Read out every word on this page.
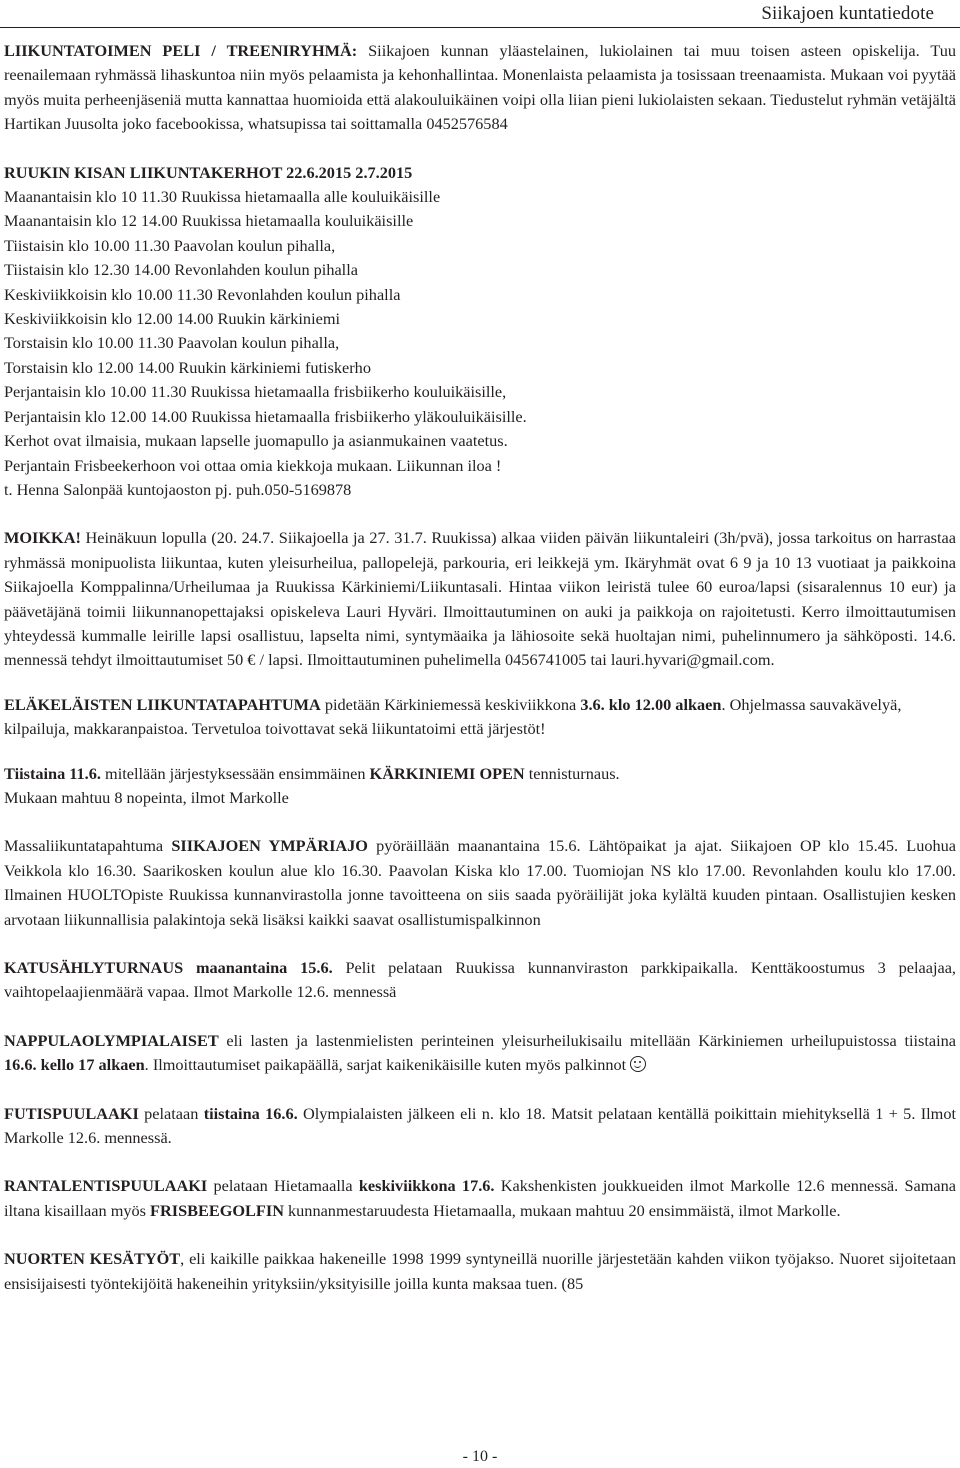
Siikajoen kuntatiedote

LIIKUNTATOIMEN PELI / TREENIRYHMÄ: Siikajoen kunnan yläastelainen, lukiolainen tai muu toisen asteen opiskelija. Tuu reenailemaan ryhmässä lihaskuntoa niin myös pelaamista ja kehonhallintaa. Monenlaista pelaamista ja tosissaan treenaamista. Mukaan voi pyytää myös muita perheenjäseniä mutta kannattaa huomioida että alakouluikäinen voipi olla liian pieni lukiolaisten sekaan. Tiedustelut ryhmän vetäjältä Hartikan Juusolta joko facebookissa, whatsupissa tai soittamalla 0452576584

RUUKIN KISAN LIIKUNTAKERHOT 22.6.2015 2.7.2015
Maanantaisin klo 10 11.30 Ruukissa hietamaalla alle kouluikäisille
Maanantaisin klo 12 14.00 Ruukissa hietamaalla kouluikäisille
Tiistaisin klo 10.00 11.30 Paavolan koulun pihalla,
Tiistaisin klo 12.30 14.00 Revonlahden koulun pihalla
Keskiviikkoisin klo 10.00 11.30 Revonlahden koulun pihalla
Keskiviikkoisin klo 12.00 14.00 Ruukin kärkiniemi
Torstaisin klo 10.00 11.30 Paavolan koulun pihalla,
Torstaisin klo 12.00 14.00 Ruukin kärkiniemi futiskerho
Perjantaisin klo 10.00 11.30 Ruukissa hietamaalla frisbiikerho kouluikäisille,
Perjantaisin klo 12.00 14.00 Ruukissa hietamaalla frisbiikerho yläkouluikäisille.
Kerhot ovat ilmaisia, mukaan lapselle juomapullo ja asianmukainen vaatetus.
Perjantain Frisbeekerhoon voi ottaa omia kiekkoja mukaan. Liikunnan iloa !
t. Henna Salonpää kuntojaoston pj. puh.050-5169878

MOIKKA! Heinäkuun lopulla (20. 24.7. Siikajoella ja 27. 31.7. Ruukissa) alkaa viiden päivän liikuntaleiri (3h/pvä), jossa tarkoitus on harrastaa ryhmässä monipuolista liikuntaa, kuten yleisurheilua, pallopelejä, parkouria, eri leikkejä ym. Ikäryhmät ovat 6 9 ja 10 13 vuotiaat ja paikkoina Siikajoella Komppalinna/Urheilumaa ja Ruukissa Kärkiniemi/Liikuntasali. Hintaa viikon leiristä tulee 60 euroa/lapsi (sisaralennus 10 eur) ja päävetäjänä toimii liikunnanopettajaksi opiskeleva Lauri Hyväri. Ilmoittautuminen on auki ja paikkoja on rajoitetusti. Kerro ilmoittautumisen yhteydessä kummalle leirille lapsi osallistuu, lapselta nimi, syntymäaika ja lähiosoite sekä huoltajan nimi, puhelinnumero ja sähköposti. 14.6. mennessä tehdyt ilmoittautumiset 50 € / lapsi. Ilmoittautuminen puhelimella 0456741005 tai lauri.hyvari@gmail.com.

ELÄKELÄISTEN LIIKUNTATAPAHTUMA pidetään Kärkiniemessä keskiviikkona 3.6. klo 12.00 alkaen. Ohjelmassa sauvakävelyä, kilpailuja, makkaranpaistoa. Tervetuloa toivottavat sekä liikuntatoimi että järjestöt!

Tiistaina 11.6. mitellään järjestyksessään ensimmäinen KÄRKINIEMI OPEN tennisturnaus.
Mukaan mahtuu 8 nopeinta, ilmot Markolle

Massaliikuntatapahtuma SIIKAJOEN YMPÄRIAJO pyöräillään maanantaina 15.6. Lähtöpaikat ja ajat. Siikajoen OP klo 15.45. Luohua Veikkola klo 16.30. Saarikosken koulun alue klo 16.30. Paavolan Kiska klo 17.00. Tuomiojan NS klo 17.00. Revonlahden koulu klo 17.00. Ilmainen HUOLTOpiste Ruukissa kunnanvirastolla jonne tavoitteena on siis saada pyöräilijät joka kylältä kuuden pintaan. Osallistujien kesken arvotaan liikunnallisia palakintoja sekä lisäksi kaikki saavat osallistumispalkinnon

KATUSÄHLYTURNAUS maanantaina 15.6. Pelit pelataan Ruukissa kunnanviraston parkkipaikalla. Kenttäkoostumus 3 pelaajaa, vaihtopelaajienmäärä vapaa. Ilmot Markolle 12.6. mennessä

NAPPULAOLYMPIALAISET eli lasten ja lastenmielisten perinteinen yleisurheilukisailu mitellään Kärkiniemen urheilupuistossa tiistaina 16.6. kello 17 alkaen. Ilmoittautumiset paikapäällä, sarjat kaikenikäisille kuten myös palkinnot

FUTISPUULAAKI pelataan tiistaina 16.6. Olympialaisten jälkeen eli n. klo 18. Matsit pelataan kentällä poikittain miehityksellä 1 + 5. Ilmot Markolle 12.6. mennessä.

RANTALENTISPUULAAKI pelataan Hietamaalla keskiviikkona 17.6. Kakshenkisten joukkueiden ilmot Markolle 12.6 mennessä. Samana iltana kisaillaan myös FRISBEEGOLFIN kunnanmestaruudesta Hietamaalla, mukaan mahtuu 20 ensimmäistä, ilmot Markolle.

NUORTEN KESÄTYÖT, eli kaikille paikkaa hakeneille 1998 1999 syntyneillä nuorille järjestetään kahden viikon työjakso. Nuoret sijoitetaan ensisijaisesti työntekijöitä hakeneihin yrityksiin/yksityisille joilla kunta maksaa tuen. (85

- 10 -
